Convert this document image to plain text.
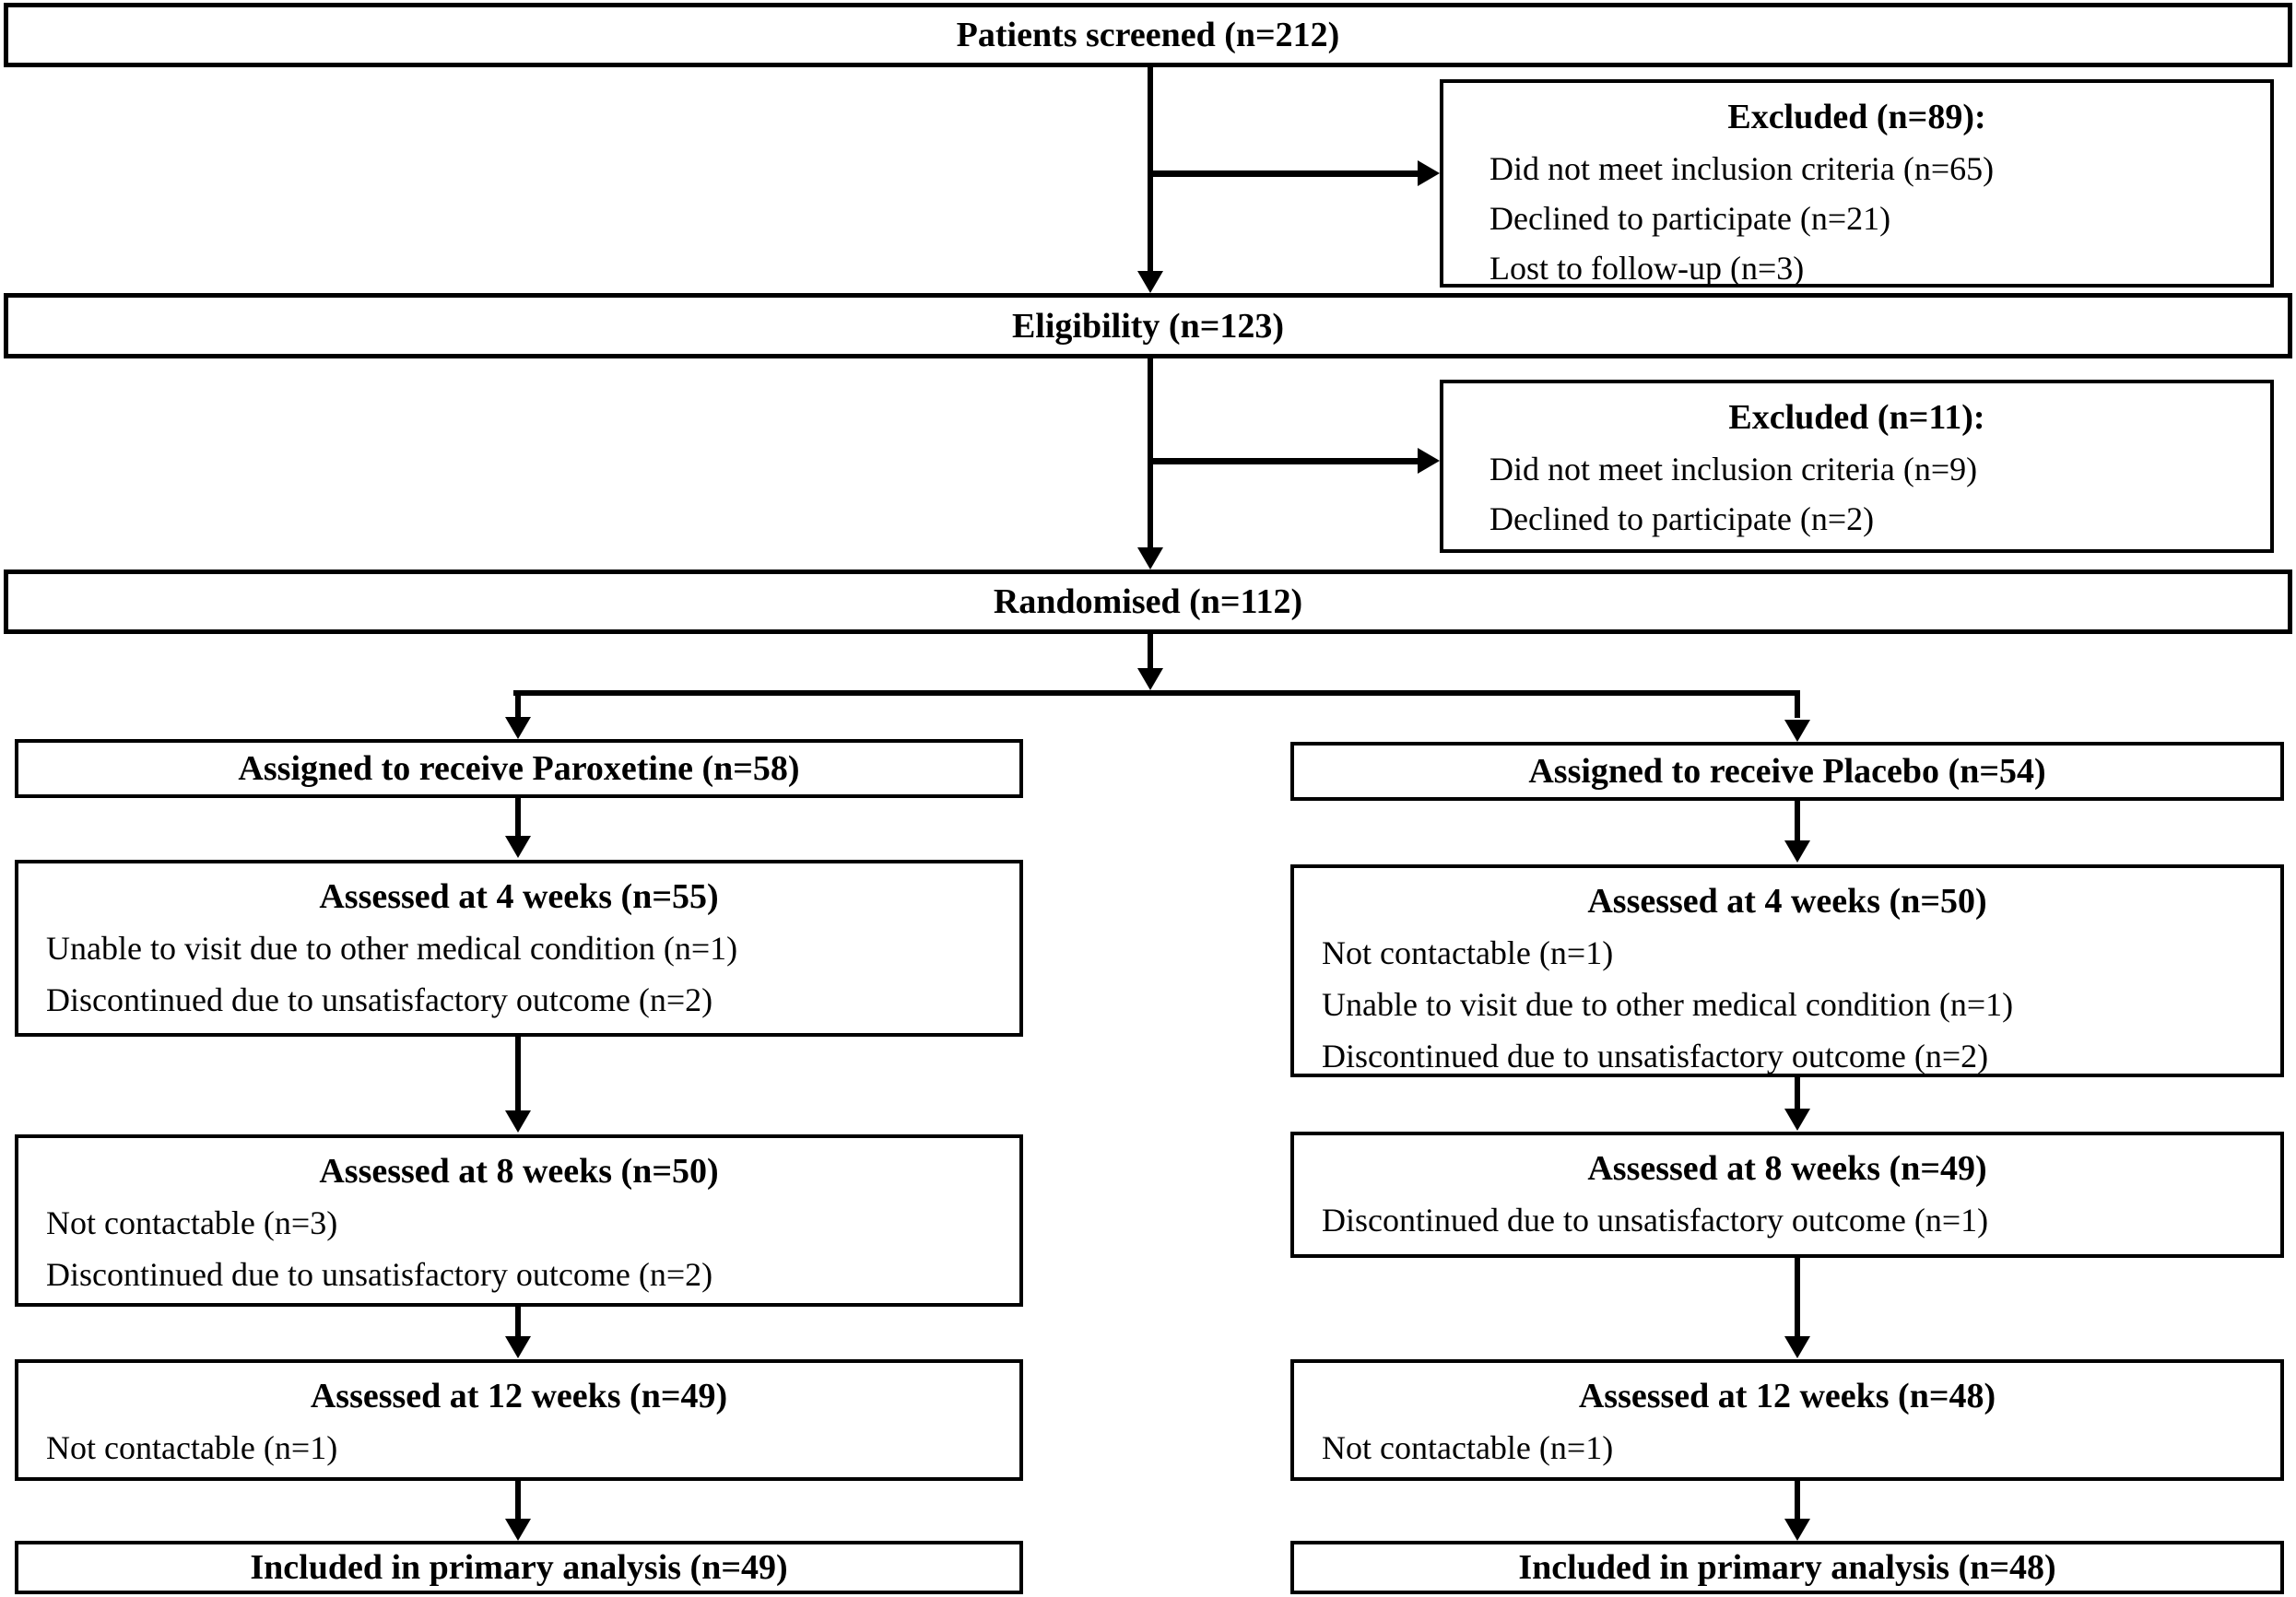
Patients screened (n=212)
Eligibility (n=123)
Randomised (n=112)
Excluded (n=89):
Did not meet inclusion criteria (n=65)
Declined to participate (n=21)
Lost to follow-up (n=3)
Excluded (n=11):
Did not meet inclusion criteria (n=9)
Declined to participate (n=2)
Assigned to receive Paroxetine (n=58)	Assigned to receive Placebo (n=54)
Assessed at 4 weeks (n=55)
Unable to visit due to other medical condition (n=1)
Discontinued due to unsatisfactory outcome (n=2)
Assessed at 4 weeks (n=50)
Not contactable (n=1)
Unable to visit due to other medical condition (n=1)
Discontinued due to unsatisfactory outcome (n=2)
Assessed at 8 weeks (n=50)
Not contactable (n=3)
Discontinued due to unsatisfactory outcome (n=2)
Assessed at 8 weeks (n=49)
Discontinued due to unsatisfactory outcome (n=1)
Assessed at 12 weeks (n=49)
Not contactable (n=1)
Assessed at 12 weeks (n=48)
Not contactable (n=1)
Included in primary analysis (n=49)	Included in primary analysis (n=48)
